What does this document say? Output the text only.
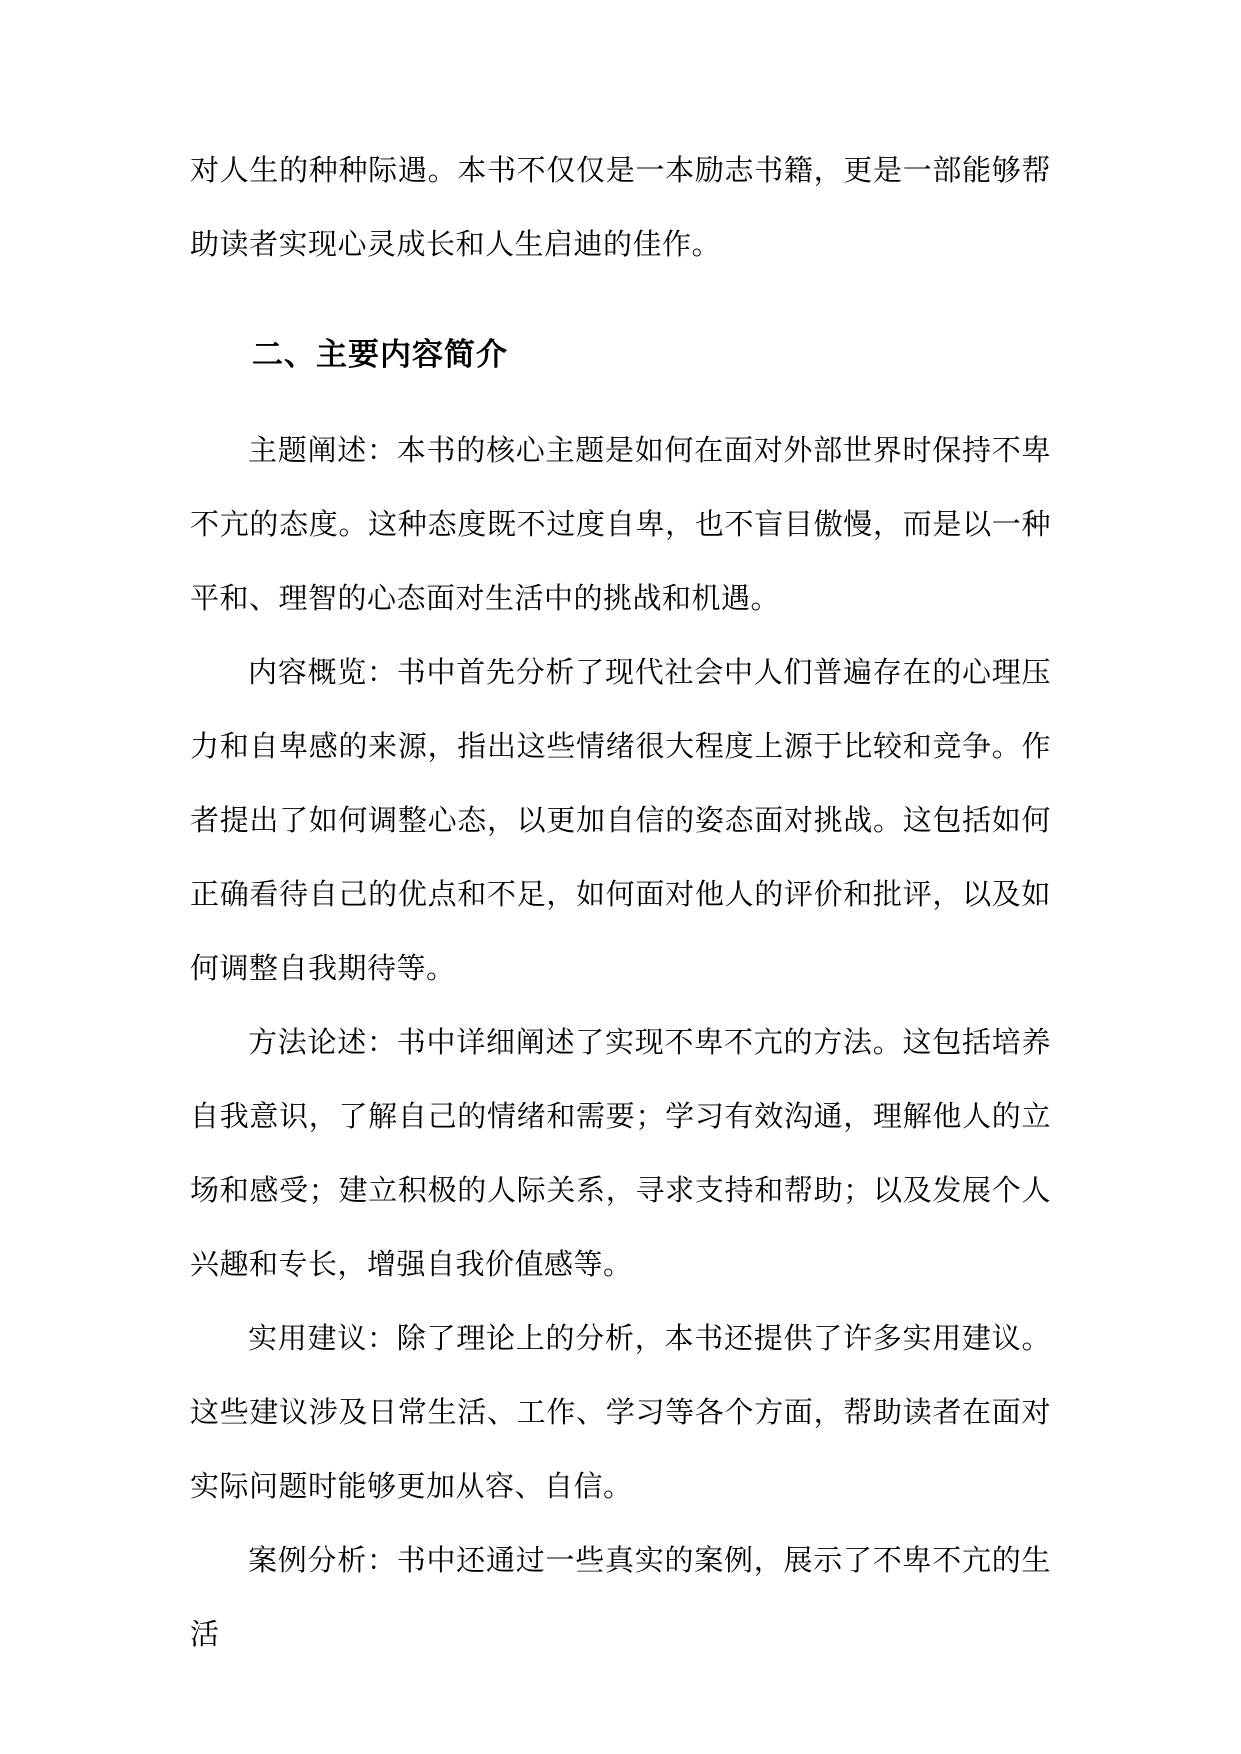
对人生的种种际遇。本书不仅仅是一本励志书籍，更是一部能够帮助读者实现心灵成长和人生启迪的佳作。

二、主要内容简介

主题阐述：本书的核心主题是如何在面对外部世界时保持不卑不亢的态度。这种态度既不过度自卑，也不盲目傲慢，而是以一种平和、理智的心态面对生活中的挑战和机遇。

内容概览：书中首先分析了现代社会中人们普遍存在的心理压力和自卑感的来源，指出这些情绪很大程度上源于比较和竞争。作者提出了如何调整心态，以更加自信的姿态面对挑战。这包括如何正确看待自己的优点和不足，如何面对他人的评价和批评，以及如何调整自我期待等。

方法论述：书中详细阐述了实现不卑不亢的方法。这包括培养自我意识，了解自己的情绪和需要；学习有效沟通，理解他人的立场和感受；建立积极的人际关系，寻求支持和帮助；以及发展个人兴趣和专长，增强自我价值感等。

实用建议：除了理论上的分析，本书还提供了许多实用建议。这些建议涉及日常生活、工作、学习等各个方面，帮助读者在面对实际问题时能够更加从容、自信。

案例分析：书中还通过一些真实的案例，展示了不卑不亢的生活
